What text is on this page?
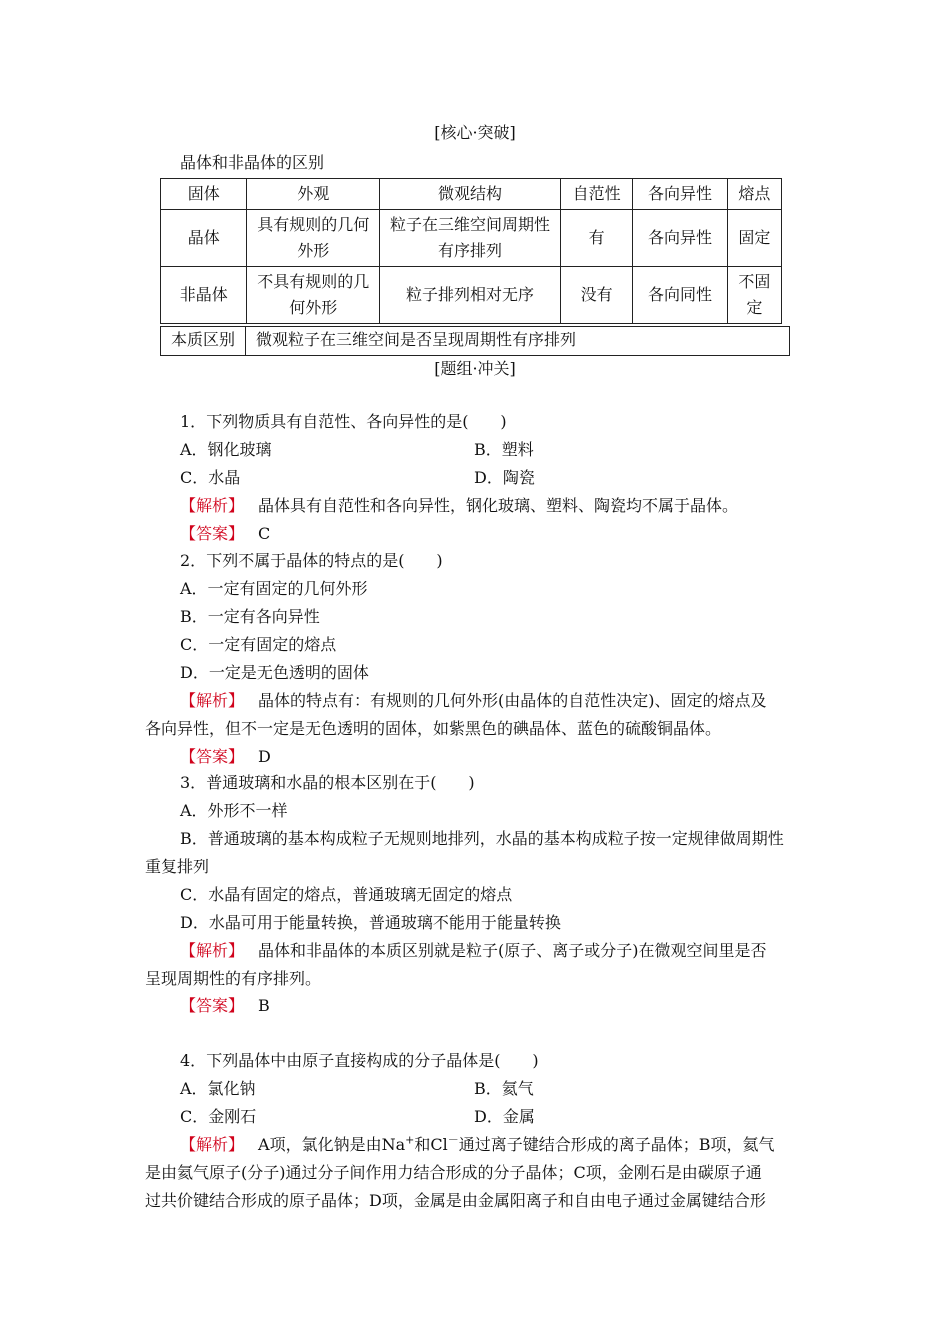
[核心·突破]
晶体和非晶体的区别
固体	外观	微观结构	自范性	各向异性	熔点
晶体	具有规则的几何外形	粒子在三维空间周期性有序排列	有	各向异性	固定
非晶体	不具有规则的几何外形	粒子排列相对无序	没有	各向同性	不固定
本质区别	微观粒子在三维空间是否呈现周期性有序排列
[题组·冲关]
1．下列物质具有自范性、各向异性的是(　　)
A．钢化玻璃	B．塑料
C．水晶	D．陶瓷
【解析】 晶体具有自范性和各向异性，钢化玻璃、塑料、陶瓷均不属于晶体。
【答案】 C
2．下列不属于晶体的特点的是(　　)
A．一定有固定的几何外形
B．一定有各向异性
C．一定有固定的熔点
D．一定是无色透明的固体
【解析】 晶体的特点有：有规则的几何外形(由晶体的自范性决定)、固定的熔点及
各向异性，但不一定是无色透明的固体，如紫黑色的碘晶体、蓝色的硫酸铜晶体。
【答案】 D
3．普通玻璃和水晶的根本区别在于(　　)
A．外形不一样
B．普通玻璃的基本构成粒子无规则地排列，水晶的基本构成粒子按一定规律做周期性
重复排列
C．水晶有固定的熔点，普通玻璃无固定的熔点
D．水晶可用于能量转换，普通玻璃不能用于能量转换
【解析】 晶体和非晶体的本质区别就是粒子(原子、离子或分子)在微观空间里是否
呈现周期性的有序排列。
【答案】 B
4．下列晶体中由原子直接构成的分子晶体是(　　)
A．氯化钠	B．氦气
C．金刚石	D．金属
【解析】 A项，氯化钠是由Na+和Cl－通过离子键结合形成的离子晶体；B项，氦气
是由氦气原子(分子)通过分子间作用力结合形成的分子晶体；C项，金刚石是由碳原子通
过共价键结合形成的原子晶体；D项，金属是由金属阳离子和自由电子通过金属键结合形
